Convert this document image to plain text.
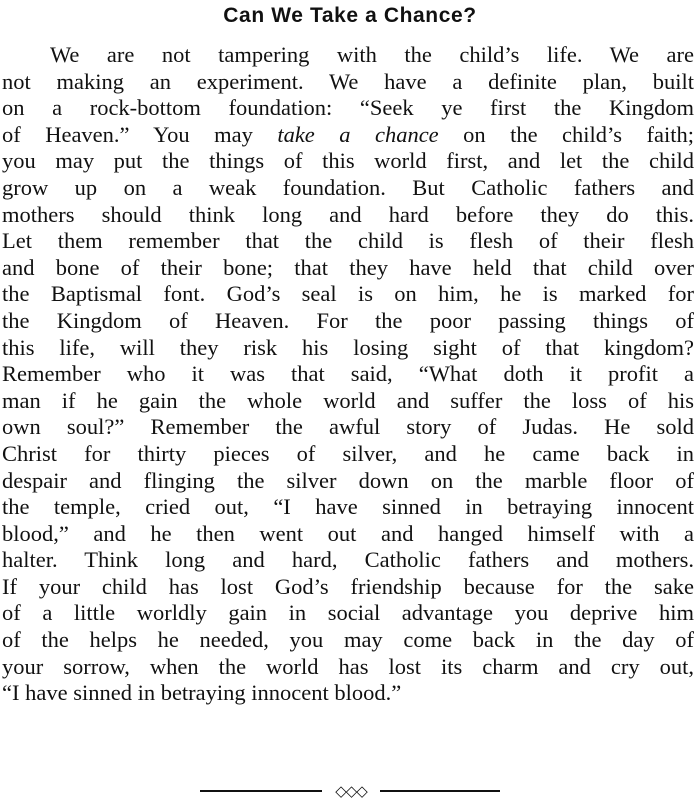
Can We Take a Chance?
We are not tampering with the child’s life. We are
not making an experiment. We have a definite plan, built
on a rock-bottom foundation: “Seek ye first the Kingdom
of Heaven.” You may take a chance on the child’s faith;
you may put the things of this world first, and let the child
grow up on a weak foundation. But Catholic fathers and
mothers should think long and hard before they do this.
Let them remember that the child is flesh of their flesh
and bone of their bone; that they have held that child over
the Baptismal font. God’s seal is on him, he is marked for
the Kingdom of Heaven. For the poor passing things of
this life, will they risk his losing sight of that kingdom?
Remember who it was that said, “What doth it profit a
man if he gain the whole world and suffer the loss of his
own soul?” Remember the awful story of Judas. He sold
Christ for thirty pieces of silver, and he came back in
despair and flinging the silver down on the marble floor of
the temple, cried out, “I have sinned in betraying innocent
blood,” and he then went out and hanged himself with a
halter. Think long and hard, Catholic fathers and mothers.
If your child has lost God’s friendship because for the sake
of a little worldly gain in social advantage you deprive him
of the helps he needed, you may come back in the day of
your sorrow, when the world has lost its charm and cry out,
“I have sinned in betraying innocent blood.”
◇◇◇
